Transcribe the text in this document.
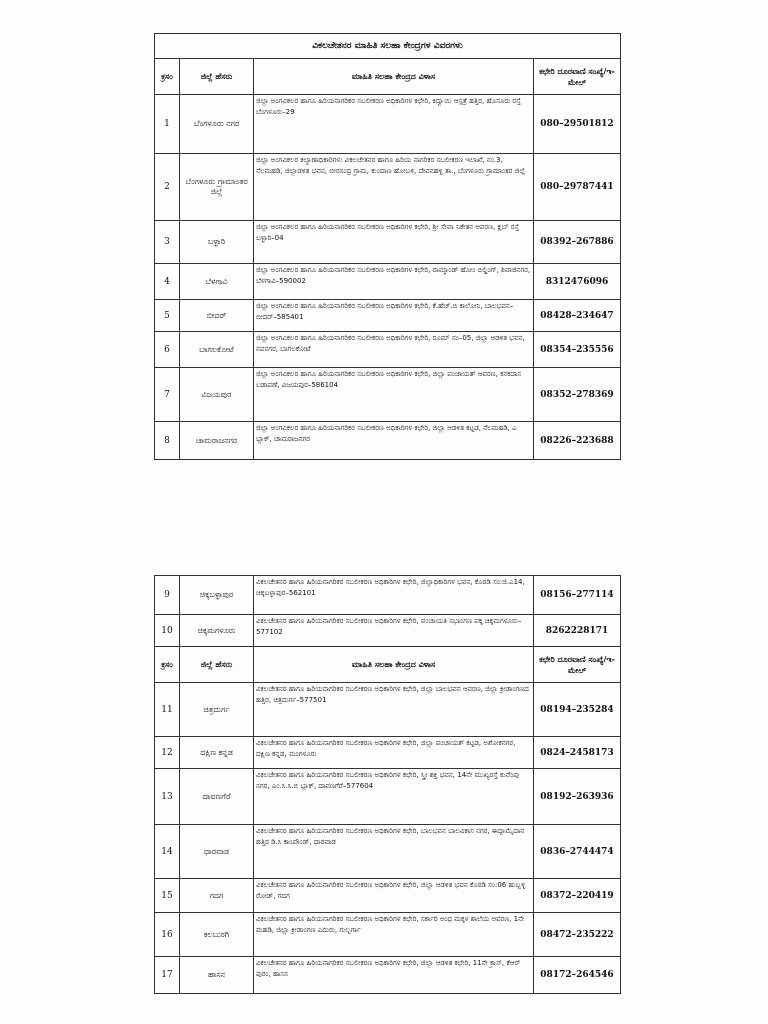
ವಿಕಲಚೇತನರ ಮಾಹಿತಿ ಸಲಹಾ ಕೇಂದ್ರಗಳ ವಿವರಗಳು			
ಕ್ರಸಂ	ಜಿಲ್ಲೆ ಹೆಸರು	ಮಾಹಿತಿ ಸಲಹಾ ಕೇಂದ್ರದ ವಿಳಾಸ	ಕಛೇರಿ ದೂರವಾಣಿ ಸಂಖ್ಯೆ/ಇ-ಮೇಲ್
1	ಬೆಂಗಳೂರು ನಗರ	ಜಿಲ್ಲಾ ಅಂಗವಿಕಲರ ಹಾಗೂ ಹಿರಿಯನಾಗರಿಕರ ಸಬಲೀಕರಣ ಅಧಿಕಾರಿಗಳ ಕಛೇರಿ, ಕಿದ್ವಾಯಿ ಆಸ್ಪತ್ರೆ ಹತ್ತಿರ, ಹೊಸೂರು ರಸ್ತೆ ಬೆಂಗಳೂರು–29	080–29501812
2	ಬೆಂಗಳೂರು ಗ್ರಾಮಾಂತರ ಜಿಲ್ಲೆ	ಜಿಲ್ಲಾ ಅಂಗವಿಕಲರ ಕಲ್ಯಾಣಾಧಿಕಾರಿಗಳು ವಿಕಲಚೇತನರ ಹಾಗೂ ಹಿರಿಯ ನಾಗರಿಕರ ಸಬಲೀಕರಣ ಇಲಾಖೆ, ನಂ.3, ನೆಲಮಹಡಿ, ಜಿಲ್ಲಾಡಳಿತ ಭವನ, ಬೀರಸಂದ್ರ ಗ್ರಾಮ, ಕುಂದಾಣ ಹೋಬಳಿ, ದೇವನಹಳ್ಳಿ ತಾ., ಬೆಂಗಳೂರು ಗ್ರಾಮಾಂತರ ಜಿಲ್ಲೆ	080–29787441
3	ಬಳ್ಳಾರಿ	ಜಿಲ್ಲಾ ಅಂಗವಿಕಲರ ಹಾಗೂ ಹಿರಿಯನಾಗರಿಕರ ಸಬಲೀಕರಣ ಅಧಿಕಾರಿಗಳ ಕಛೇರಿ, ಶ್ರೀ ಸೇವಾ ನಿಕೇತನ ಆವರಣ, ಕ್ಲಬ್ ರಸ್ತೆ ಬಳ್ಳಾರಿ–04	08392–267886
4	ಬೆಳಗಾವಿ	ಜಿಲ್ಲಾ ಅಂಗವಿಕಲರ ಹಾಗೂ ಹಿರಿಯನಾಗರಿಕರ ಸಬಲೀಕರಣ ಅಧಿಕಾರಿಗಳ ಕಛೇರಿ, ರಾಮ್ಕಾಂಡ್ ಹೋಂ ಬಿಲ್ಡಿಂಗ್, ಶಿವಾಜಿನಗರ, ಬೆಳಗಾವಿ–590002	8312476096
5	ಬೀದರ್	ಜಿಲ್ಲಾ ಅಂಗವಿಕಲರ ಹಾಗೂ ಹಿರಿಯನಾಗರಿಕರ ಸಬಲೀಕರಣ ಅಧಿಕಾರಿಗಳ ಕಛೇರಿ, ಕೆ.ಹೆಚ್.ಬಿ ಕಾಲೋನಿ, ಬಾಲಭವನ–ಬೀದರ್–585401	08428–234647
6	ಬಾಗಲಕೋಟೆ	ಜಿಲ್ಲಾ ಅಂಗವಿಕಲರ ಹಾಗೂ ಹಿರಿಯನಾಗರಿಕರ ಸಬಲೀಕರಣ ಅಧಿಕಾರಿಗಳ ಕಛೇರಿ, ರೂಮ್ ನಂ–05, ಜಿಲ್ಲಾ ಆಡಳಿತ ಭವನ, ನವನಗರ, ಬಾಗಲಕೋಟೆ	08354–235556
7	ವಿಜಯಪುರ	ಜಿಲ್ಲಾ ಅಂಗವಿಕಲರ ಹಾಗೂ ಹಿರಿಯನಾಗರಿಕರ ಸಬಲೀಕರಣ ಅಧಿಕಾರಿಗಳ ಕಛೇರಿ, ಜಿಲ್ಲಾ ಪಂಚಾಯತ್ ಆವರಣ, ಕನಕದಾಸ ಬಡಾವಣೆ, ವಿಜಯಪುರ–586104	08352–278369
8	ಚಾಮರಾಜನಗರ	ಜಿಲ್ಲಾ ಅಂಗವಿಕಲರ ಹಾಗೂ ಹಿರಿಯನಾಗರಿಕರ ಸಬಲೀಕರಣ ಅಧಿಕಾರಿಗಳ ಕಛೇರಿ, ಜಿಲ್ಲಾ ಆಡಳಿತ ಕಟ್ಟಡ, ನೆಲಮಹಡಿ, ಎ ಬ್ಲಾಕ್, ಚಾಮರಾಜನಗರ	08226–223688
9	ಚಿಕ್ಕಬಳ್ಳಾಪುರ	ವಿಕಲಚೇತನರ ಹಾಗೂ ಹಿರಿಯನಾಗರಿಕರ ಸಬಲೀಕರಣ ಅಧಿಕಾರಿಗಳ ಕಛೇರಿ, ಜಿಲ್ಲಾಧಿಕಾರಿಗಳ ಭವನ, ಕೊಠಡಿ ಸಂ:ಜಿ.ಎ14, ಚಿಕ್ಕಬಳ್ಳಾಪುರ–562101	08156–277114
10	ಚಿಕ್ಕಮಗಳೂರು	ವಿಕಲಚೇತನರ ಹಾಗೂ ಹಿರಿಯನಾಗರಿಕರ ಸಬಲೀಕರಣ ಅಧಿಕಾರಿಗಳ ಕಛೇರಿ, ಪಂಚಾಯತಿ ಸಭಾಂಗಣ ಪಕ್ಕ ಚಿಕ್ಕಮಗಳೂರು–577102	8262228171
ಕ್ರಸಂ	ಜಿಲ್ಲೆ ಹೆಸರು	ಮಾಹಿತಿ ಸಲಹಾ ಕೇಂದ್ರದ ವಿಳಾಸ	ಕಛೇರಿ ದೂರವಾಣಿ ಸಂಖ್ಯೆ/ಇ-ಮೇಲ್
11	ಚಿತ್ರದುರ್ಗ	ವಿಕಲಚೇತನರ ಹಾಗೂ ಹಿರಿಯನಾಗರಿಕರ ಸಬಲೀಕರಣ ಅಧಿಕಾರಿಗಳ ಕಛೇರಿ, ಜಿಲ್ಲಾ ಬಾಲಭವನ ಆವರಣ, ಜಿಲ್ಲಾ ಕ್ರೀಡಾಂಗಣದ ಹತ್ತಿರ, ಚಿತ್ರದುರ್ಗ–577501	08194–235284
12	ದಕ್ಷಿಣ ಕನ್ನಡ	ವಿಕಲಚೇತನರ ಹಾಗೂ ಹಿರಿಯನಾಗರಿಕರ ಸಬಲೀಕರಣ ಅಧಿಕಾರಿಗಳ ಕಛೇರಿ, ಜಿಲ್ಲಾ ಪಂಚಾಯತ್ ಕಟ್ಟಡ, ಅಶೋಕನಗರ, ದಕ್ಷಿಣ ಕನ್ನಡ, ಮಂಗಳೂರು	0824–2458173
13	ದಾವಣಗೆರೆ	ವಿಕಲಚೇತನರ ಹಾಗೂ ಹಿರಿಯನಾಗರಿಕರ ಸಬಲೀಕರಣ ಅಧಿಕಾರಿಗಳ ಕಛೇರಿ, ಸ್ತ್ರೀ ಶಕ್ತಿ ಭವನ, 14ನೇ ಮುಖ್ಯರಸ್ತೆ ಕುವೆಂಪು ನಗರ, ಎಂ.ಸಿ.ಸಿ.ಬಿ ಬ್ಲಾಕ್, ದಾವಣಗೆರೆ–577604	08192–263936
14	ಧಾರವಾಡ	ವಿಕಲಚೇತನರ ಹಾಗೂ ಹಿರಿಯನಾಗರಿಕರ ಸಬಲೀಕರಣ ಅಧಿಕಾರಿಗಳ ಕಛೇರಿ, ಬಾಲಭವನ ಬಾಲವಿಕಾಸ ನಗರ, ಈದ್ಗಾಮೈದಾನ ಹತ್ತಿರ ಡಿ.ಸಿ ಕಾಂಪೌಂಡ್, ಧಾರವಾಡ	0836–2744474
15	ಗದಗ	ವಿಕಲಚೇತನರ ಹಾಗೂ ಹಿರಿಯನಾಗರಿಕರ ಸಬಲೀಕರಣ ಅಧಿಕಾರಿಗಳ ಕಛೇರಿ, ಜಿಲ್ಲಾ ಆಡಳಿತ ಭವನ ಕೊಠಡಿ ಸಂ:06 ಹುಬ್ಬಳ್ಳಿ ರೋಡ್, ಗದಗ	08372–220419
16	ಕಲಬುರಗಿ	ವಿಕಲಚೇತನರ ಹಾಗೂ ಹಿರಿಯನಾಗರಿಕರ ಸಬಲೀಕರಣ ಅಧಿಕಾರಿಗಳ ಕಛೇರಿ, ಸರ್ಕಾರಿ ಅಂಧ ಮಕ್ಕಳ ಶಾಲೆಯ ಆವರಣ, 1ನೇ ಮಹಡಿ, ಜಿಲ್ಲಾ ಕ್ರೀಡಾಂಗಣ ಎದುರು, ಗುಲ್ಬರ್ಗಾ	08472–235222
17	ಹಾಸನ	ವಿಕಲಚೇತನರ ಹಾಗೂ ಹಿರಿಯನಾಗರಿಕರ ಸಬಲೀಕರಣ ಅಧಿಕಾರಿಗಳ ಕಛೇರಿ, ಜಿಲ್ಲಾ ಆಡಳಿತ ಕಛೇರಿ, 11ನೇ ಕ್ರಾಸ್, ಕೆಆರ್ ಪುರಂ, ಹಾಸನ	08172–264546
